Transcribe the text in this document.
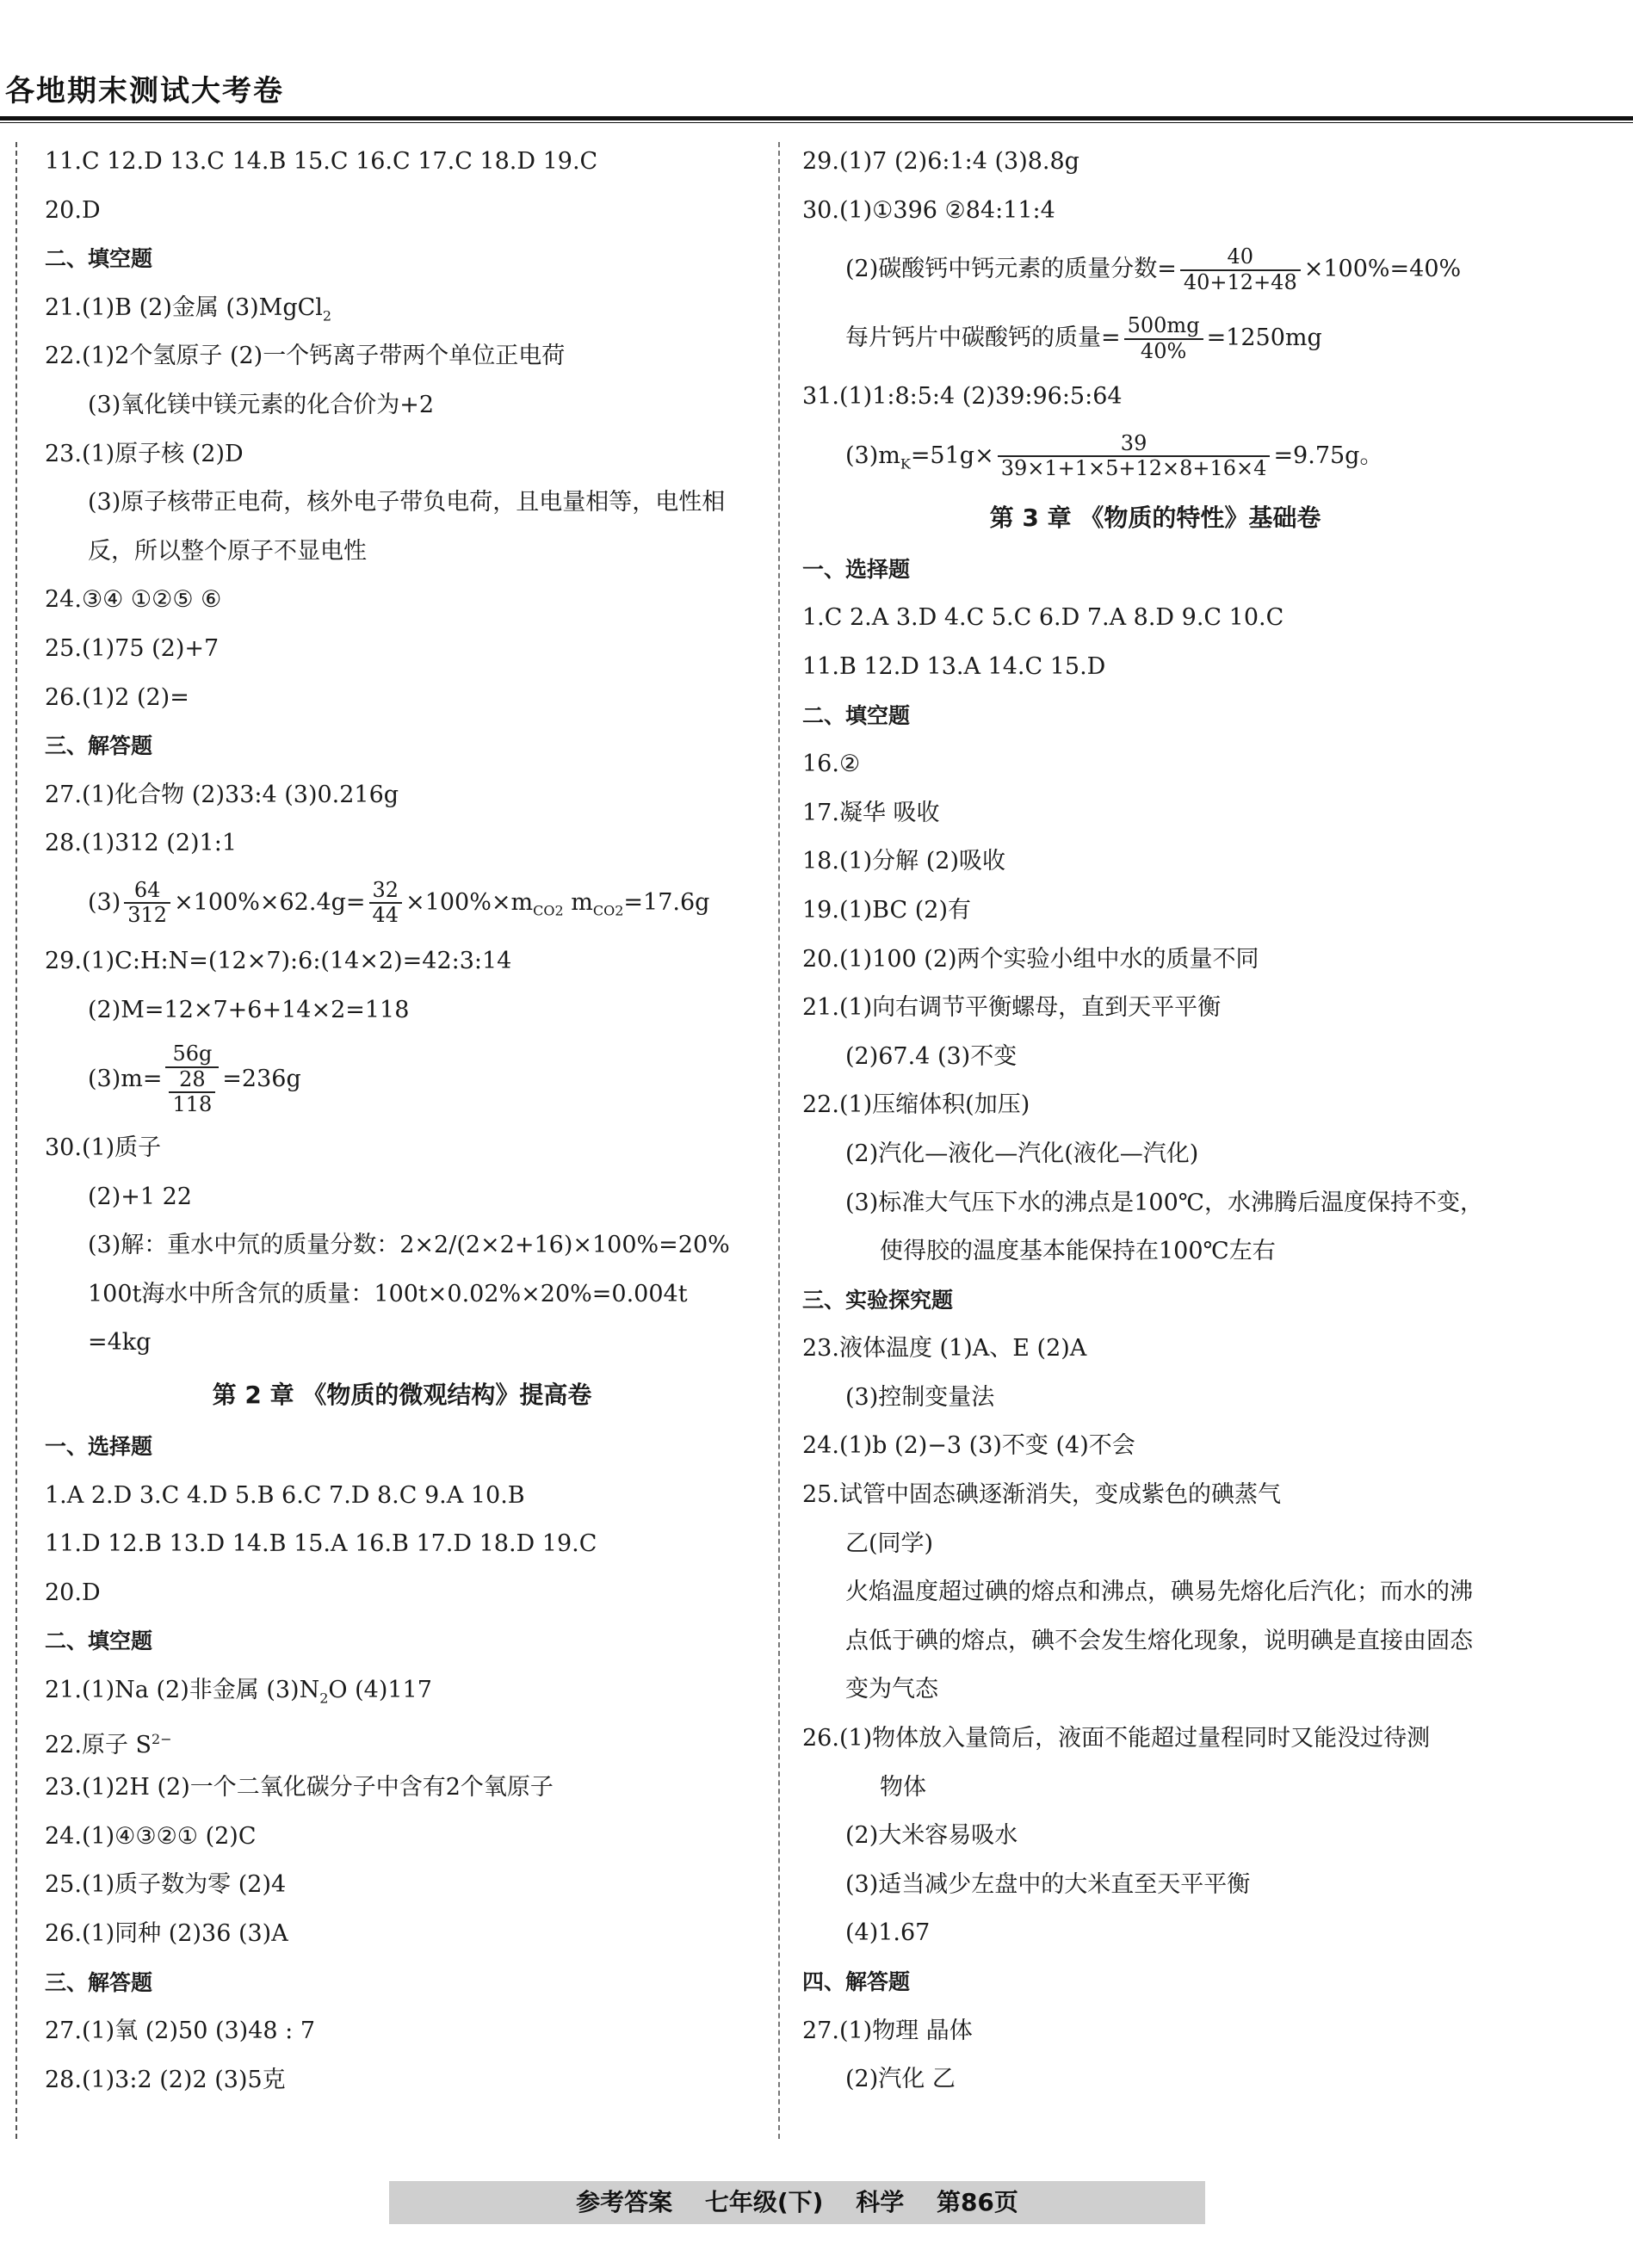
各地期末测试大考卷
11.C 12.D 13.C 14.B 15.C 16.C 17.C 18.D 19.C
20.D
二、填空题
21.(1)B (2)金属 (3)MgCl$_2$
22.(1)2个氢原子 (2)一个钙离子带两个单位正电荷
(3)氧化镁中镁元素的化合价为+2
23.(1)原子核 (2)D
(3)原子核带正电荷，核外电子带负电荷，且电量相等，电性相
反，所以整个原子不显电性
24.③④ ①②⑤ ⑥
25.(1)75 (2)+7
26.(1)2 (2)=
三、解答题
27.(1)化合物 (2)33:4 (3)0.216g
28.(1)312 (2)1:1
$(3) \frac{64}{312} \times 100\%\times 62.4g= \frac{32}{44} \times 100\%\times m_{CO2}$ $m_{CO2}=17.6g$
29.(1)C:H:N=(12×7):6:(14×2)=42:3:14
(2)M=12×7+6+14×2=118
$(3)m= \frac{56g}{\frac{28}{118}} =236g$
30.(1)质子
(2)+1 22
(3)解：重水中氘的质量分数：2×2/(2×2+16)×100%=20%
100t海水中所含氘的质量：100t×0.02%×20%=0.004t
=4kg
第 2 章 《物质的微观结构》提高卷
一、选择题
1.A 2.D 3.C 4.D 5.B 6.C 7.D 8.C 9.A 10.B
11.D 12.B 13.D 14.B 15.A 16.B 17.D 18.D 19.C
20.D
二、填空题
21.(1)Na (2)非金属 $(3)N_2O$ (4)117
22.原子 $S^{2-}$
23.(1)2H (2)一个二氧化碳分子中含有2个氧原子
24.(1)④③②① (2)C
25.(1)质子数为零 (2)4
26.(1)同种 (2)36 (3)A
三、解答题
27.(1)氧 (2)50 (3)48 : 7
28.(1)3:2 (2)2 (3)5克
29.(1)7 (2)6:1:4 (3)8.8g
30.(1)①396 ②84:11:4
(2)碳酸钙中钙元素的质量分数= $\frac{40}{40+12+48} \times 100\%=40\%$
每片钙片中碳酸钙的质量= $\frac{500mg}{40\%} =1250mg$
31.(1)1:8:5:4 (2)39:96:5:64
$(3)m_K=51g\times \frac{39}{39\times 1+1\times 5+12\times 8+16\times 4} =9.75g$。
第 3 章 《物质的特性》基础卷
一、选择题
1.C 2.A 3.D 4.C 5.C 6.D 7.A 8.D 9.C 10.C
11.B 12.D 13.A 14.C 15.D
二、填空题
16.②
17.凝华 吸收
18.(1)分解 (2)吸收
19.(1)BC (2)有
20.(1)100 (2)两个实验小组中水的质量不同
21.(1)向右调节平衡螺母，直到天平平衡
(2)67.4 (3)不变
22.(1)压缩体积(加压)
(2)汽化—液化—汽化(液化—汽化)
(3)标准大气压下水的沸点是100℃，水沸腾后温度保持不变，
使得胶的温度基本能保持在100℃左右
三、实验探究题
23.液体温度 (1)A、E (2)A
(3)控制变量法
24.(1)b (2)−3 (3)不变 (4)不会
25.试管中固态碘逐渐消失，变成紫色的碘蒸气
乙(同学)
火焰温度超过碘的熔点和沸点，碘易先熔化后汽化；而水的沸
点低于碘的熔点，碘不会发生熔化现象，说明碘是直接由固态
变为气态
26.(1)物体放入量筒后，液面不能超过量程同时又能没过待测
物体
(2)大米容易吸水
(3)适当减少左盘中的大米直至天平平衡
(4)1.67
四、解答题
27.(1)物理 晶体
(2)汽化 乙
参考答案 七年级(下) 科学 第86页
